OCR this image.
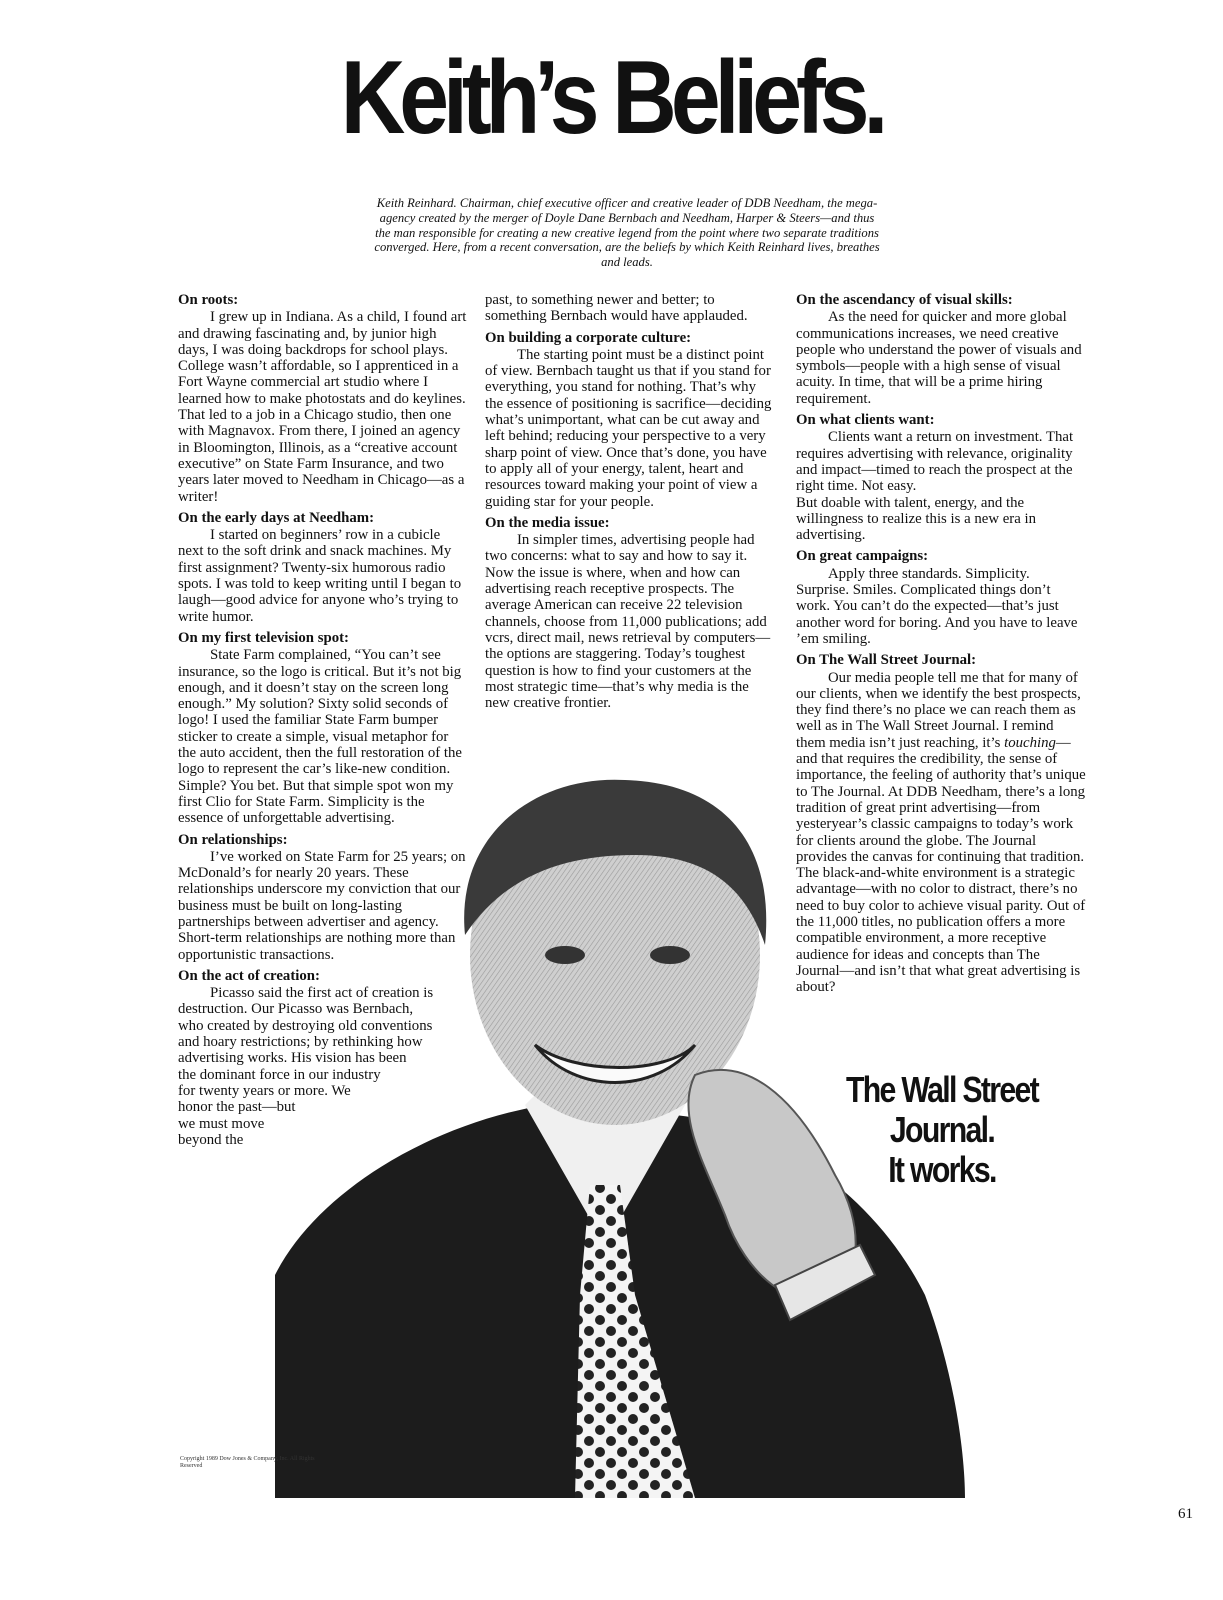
Keith’s Beliefs.
Keith Reinhard. Chairman, chief executive officer and creative leader of DDB Needham, the mega-agency created by the merger of Doyle Dane Bernbach and Needham, Harper & Steers—and thus the man responsible for creating a new creative legend from the point where two separate traditions converged. Here, from a recent conversation, are the beliefs by which Keith Reinhard lives, breathes and leads.
On roots:

I grew up in Indiana. As a child, I found art and drawing fascinating and, by junior high days, I was doing backdrops for school plays. College wasn’t affordable, so I apprenticed in a Fort Wayne commercial art studio where I learned how to make photostats and do keylines. That led to a job in a Chicago studio, then one with Magnavox. From there, I joined an agency in Bloomington, Illinois, as a “creative account executive” on State Farm Insurance, and two years later moved to Needham in Chicago—as a writer!

On the early days at Needham:

I started on beginners’ row in a cubicle next to the soft drink and snack machines. My first assignment? Twenty-six humorous radio spots. I was told to keep writing until I began to laugh—good advice for anyone who’s trying to write humor.

On my first television spot:

State Farm complained, “You can’t see insurance, so the logo is critical. But it’s not big enough, and it doesn’t stay on the screen long enough.” My solution? Sixty solid seconds of logo! I used the familiar State Farm bumper sticker to create a simple, visual metaphor for the auto accident, then the full restoration of the logo to represent the car’s like-new condition. Simple? You bet. But that simple spot won my first Clio for State Farm. Simplicity is the essence of unforgettable advertising.

On relationships:

I’ve worked on State Farm for 25 years; on McDonald’s for nearly 20 years. These relationships underscore my conviction that our business must be built on long-lasting partnerships between advertiser and agency. Short-term relationships are nothing more than opportunistic transactions.

On the act of creation:
Picasso said the first act of creation is
destruction. Our Picasso was Bernbach,
who created by destroying old conventions
and hoary restrictions; by rethinking how
advertising works. His vision has been
the dominant force in our industry
for twenty years or more. We
honor the past—but
we must move
beyond the

past, to something newer and better; to something Bernbach would have applauded.

On building a corporate culture:

The starting point must be a distinct point of view. Bernbach taught us that if you stand for everything, you stand for nothing. That’s why the essence of positioning is sacrifice—deciding what’s unimportant, what can be cut away and left behind; reducing your perspective to a very sharp point of view. Once that’s done, you have to apply all of your energy, talent, heart and resources toward making your point of view a guiding star for your people.

On the media issue:

In simpler times, advertising people had two concerns: what to say and how to say it. Now the issue is where, when and how can advertising reach receptive prospects. The average American can receive 22 television channels, choose from 11,000 publications; add vcrs, direct mail, news retrieval by computers—the options are staggering. Today’s toughest question is how to find your customers at the most strategic time—that’s why media is the new creative frontier.

On the ascendancy of visual skills:

As the need for quicker and more global communications increases, we need creative people who understand the power of visuals and symbols—people with a high sense of visual acuity. In time, that will be a prime hiring requirement.

On what clients want:

Clients want a return on investment. That requires advertising with relevance, originality and impact—timed to reach the prospect at the right time. Not easy.

But doable with talent, energy, and the willingness to realize this is a new era in advertising.

On great campaigns:

Apply three standards. Simplicity. Surprise. Smiles. Complicated things don’t work. You can’t do the expected—that’s just another word for boring. And you have to leave ’em smiling.

On The Wall Street Journal:

Our media people tell me that for many of our clients, when we identify the best prospects, they find there’s no place we can reach them as well as in The Wall Street Journal. I remind them media isn’t just reaching, it’s touching—and that requires the credibility, the sense of importance, the feeling of authority that’s unique to The Journal. At DDB Needham, there’s a long tradition of great print advertising—from yesteryear’s classic campaigns to today’s work for clients around the globe. The Journal provides the canvas for continuing that tradition. The black-and-white environment is a strategic advantage—with no color to distract, there’s no need to buy color to achieve visual parity. Out of the 11,000 titles, no publication offers a more compatible environment, a more receptive audience for ideas and concepts than The Journal—and isn’t that what great advertising is about?

The Wall Street Journal.
It works.
Copyright 1989 Dow Jones & Company, Inc. All Rights Reserved
61
